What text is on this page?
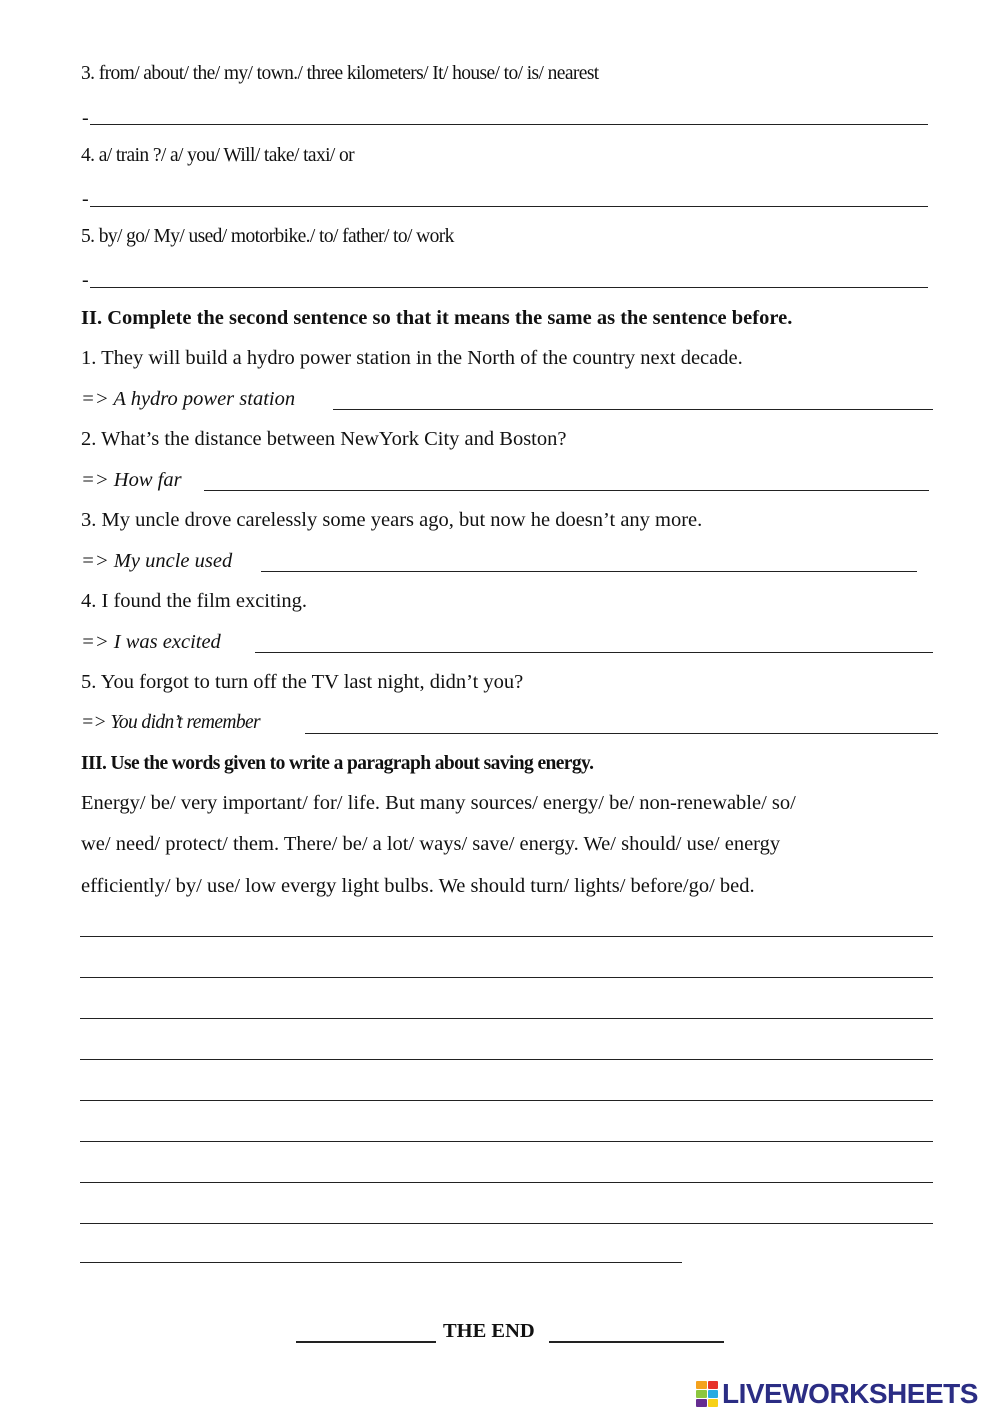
3. from/ about/ the/ my/ town./ three kilometers/ It/ house/ to/ is/ nearest
-
4. a/ train ?/ a/ you/ Will/ take/ taxi/ or
-
5. by/ go/ My/ used/ motorbike./ to/ father/ to/ work
-
II. Complete the second sentence so that it means the same as the sentence before.
1. They will build a hydro power station in the North of the country next decade.
=> A hydro power station
2. What’s the distance between NewYork City and Boston?
=> How far
3. My uncle drove carelessly some years ago, but now he doesn’t any more.
=> My uncle used
4. I found the film exciting.
=> I was excited
5. You forgot to turn off the TV last night, didn’t you?
=> You didn’t remember
III. Use the words given to write a paragraph about saving energy.
Energy/ be/ very important/ for/ life. But many sources/ energy/ be/ non-renewable/ so/
we/ need/ protect/ them. There/ be/ a lot/ ways/ save/ energy. We/ should/ use/ energy
efficiently/ by/ use/ low evergy light bulbs. We should turn/ lights/ before/go/ bed.
THE END
LIVEWORKSHEETS
